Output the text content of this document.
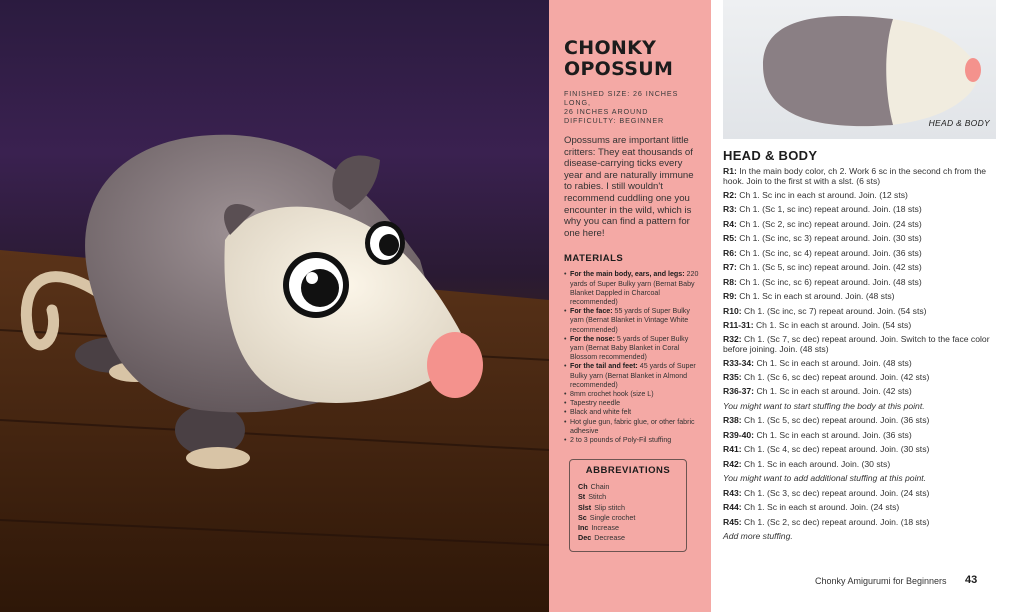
CHONKY
OPOSSUM
FINISHED SIZE: 26 INCHES LONG,
26 INCHES AROUND
DIFFICULTY: BEGINNER

Opossums are important little critters: They eat thousands of disease-carrying ticks every year and are naturally immune to rabies. I still wouldn't recommend cuddling one you encounter in the wild, which is why you can find a pattern for one here!

MATERIALS
• For the main body, ears, and legs: 220 yards of Super Bulky yarn (Bernat Baby Blanket Dappled in Charcoal recommended)
• For the face: 55 yards of Super Bulky yarn (Bernat Blanket in Vintage White recommended)
• For the nose: 5 yards of Super Bulky yarn (Bernat Baby Blanket in Coral Blossom recommended)
• For the tail and feet: 45 yards of Super Bulky yarn (Bernat Blanket in Almond recommended)
• 8mm crochet hook (size L)
• Tapestry needle
• Black and white felt
• Hot glue gun, fabric glue, or other fabric adhesive
• 2 to 3 pounds of Poly-Fil stuffing
ABBREVIATIONS
Ch Chain
St Stitch
Slst Slip stitch
Sc Single crochet
Inc Increase
Dec Decrease
HEAD & BODY
HEAD & BODY
R1: In the main body color, ch 2. Work 6 sc in the second ch from the hook. Join to the first st with a slst. (6 sts)
R2: Ch 1. Sc inc in each st around. Join. (12 sts)
R3: Ch 1. (Sc 1, sc inc) repeat around. Join. (18 sts)
R4: Ch 1. (Sc 2, sc inc) repeat around. Join. (24 sts)
R5: Ch 1. (Sc inc, sc 3) repeat around. Join. (30 sts)
R6: Ch 1. (Sc inc, sc 4) repeat around. Join. (36 sts)
R7: Ch 1. (Sc 5, sc inc) repeat around. Join. (42 sts)
R8: Ch 1. (Sc inc, sc 6) repeat around. Join. (48 sts)
R9: Ch 1. Sc in each st around. Join. (48 sts)
R10: Ch 1. (Sc inc, sc 7) repeat around. Join. (54 sts)
R11-31: Ch 1. Sc in each st around. Join. (54 sts)
R32: Ch 1. (Sc 7, sc dec) repeat around. Join. Switch to the face color before joining. Join. (48 sts)
R33-34: Ch 1. Sc in each st around. Join. (48 sts)
R35: Ch 1. (Sc 6, sc dec) repeat around. Join. (42 sts)
R36-37: Ch 1. Sc in each st around. Join. (42 sts)
You might want to start stuffing the body at this point.
R38: Ch 1. (Sc 5, sc dec) repeat around. Join. (36 sts)
R39-40: Ch 1. Sc in each st around. Join. (36 sts)
R41: Ch 1. (Sc 4, sc dec) repeat around. Join. (30 sts)
R42: Ch 1. Sc in each around. Join. (30 sts)
You might want to add additional stuffing at this point.
R43: Ch 1. (Sc 3, sc dec) repeat around. Join. (24 sts)
R44: Ch 1. Sc in each st around. Join. (24 sts)
R45: Ch 1. (Sc 2, sc dec) repeat around. Join. (18 sts)
Add more stuffing.
Chonky Amigurumi for Beginners 43
